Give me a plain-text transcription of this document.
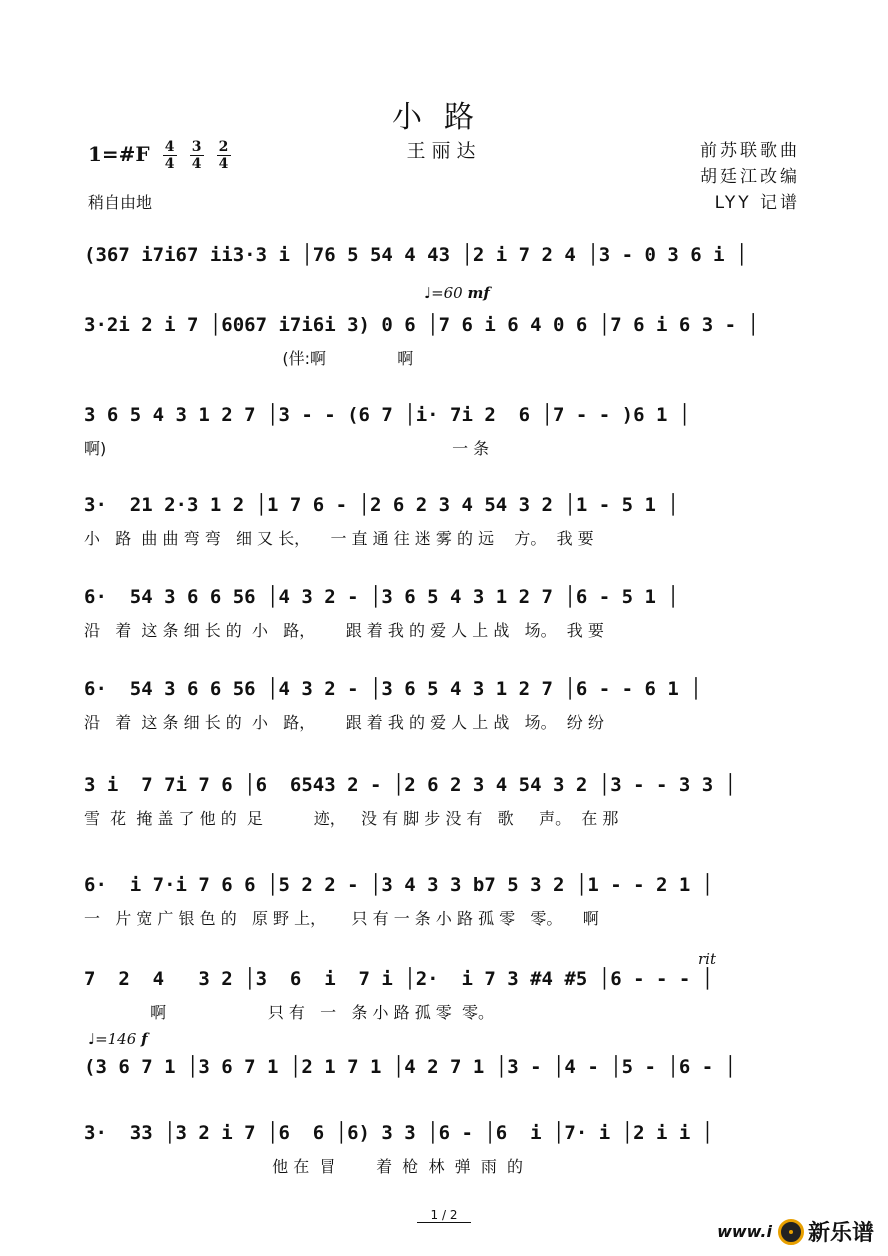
小路
1=#F $\frac{4}{4}$
$\frac{3}{4}$
$\frac{2}{4}$	王丽达	前苏联歌曲
胡廷江改编
LYY 记谱
稍自由地
♩=60 mf
♩=146 f
rit
(367 i7i67 ii3·3 i │76 5 54 4 43 │2 i 7 2 4 │3 - 0 3 6 i │
3·2i 2 i 7 │6067 i7i6i 3) 0 6 │7 6 i 6 4 0 6 │7 6 i 6 3 - │
(伴:啊              啊
3 6 5 4 3 1 2 7 │3 - - (6 7 │i· 7i 2  6 │7 - - )6 1 │
啊)                                                                    一 条
3·  21 2·3 1 2 │1 7 6 - │2 6 2 3 4 54 3 2 │1 - 5 1 │
小   路  曲 曲 弯 弯   细 又 长，    一 直 通 往 迷 雾 的 远    方。  我 要
6·  54 3 6 6 56 │4 3 2 - │3 6 5 4 3 1 2 7 │6 - 5 1 │
沿   着  这 条 细 长 的  小   路，      跟 着 我 的 爱 人 上 战   场。  我 要
6·  54 3 6 6 56 │4 3 2 - │3 6 5 4 3 1 2 7 │6 - - 6 1 │
沿   着  这 条 细 长 的  小   路，      跟 着 我 的 爱 人 上 战   场。  纷 纷
3 i  7 7i 7 6 │6  6543 2 - │2 6 2 3 4 54 3 2 │3 - - 3 3 │
雪  花  掩 盖 了 他 的  足          迹，   没 有 脚 步 没 有   歌     声。  在 那
6·  i 7·i 7 6 6 │5 2 2 - │3 4 3 3 b7 5 3 2 │1 - - 2 1 │
一   片 宽 广 银 色 的   原 野 上，     只 有 一 条 小 路 孤 零   零。    啊
7  2  4   3 2 │3  6  i  7 i │2·  i 7 3 #4 #5 │6 - - - │
啊                    只 有   一   条 小 路 孤 零  零。
(3 6 7 1 │3 6 7 1 │2 1 7 1 │4 2 7 1 │3 - │4 - │5 - │6 - │
3·  33 │3 2 i 7 │6  6 │6) 3 3 │6 - │6  i │7· i │2 i i │
他 在  冒        着  枪  林  弹  雨  的
1 / 2
www.i 新乐谱
